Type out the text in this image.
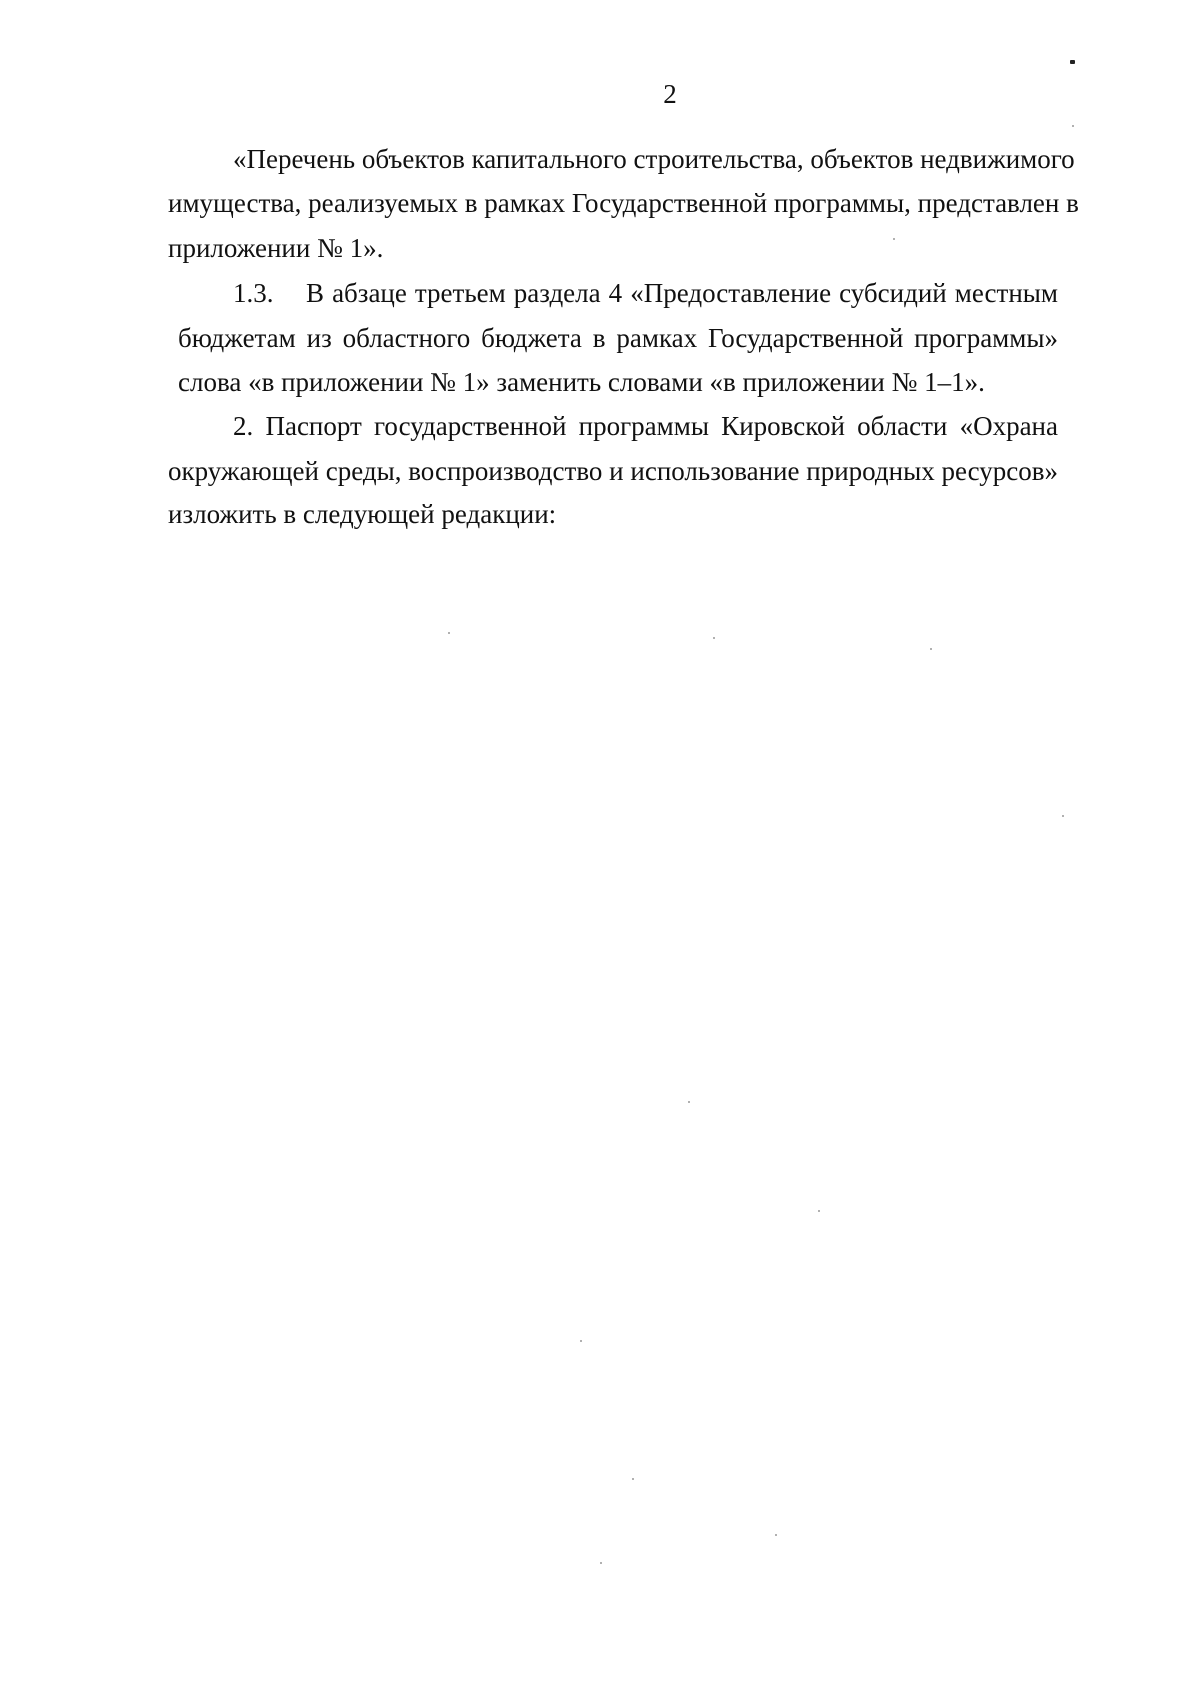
2
«Перечень объектов капитального строительства, объектов недвижимого
имущества, реализуемых в рамках Государственной программы, представлен в
приложении № 1».
1.3. В абзаце третьем раздела 4 «Предоставление субсидий местным
бюджетам из областного бюджета в рамках Государственной программы»
слова «в приложении № 1» заменить словами «в приложении № 1–1».
2. Паспорт государственной программы Кировской области «Охрана
окружающей среды, воспроизводство и использование природных ресурсов»
изложить в следующей редакции:
